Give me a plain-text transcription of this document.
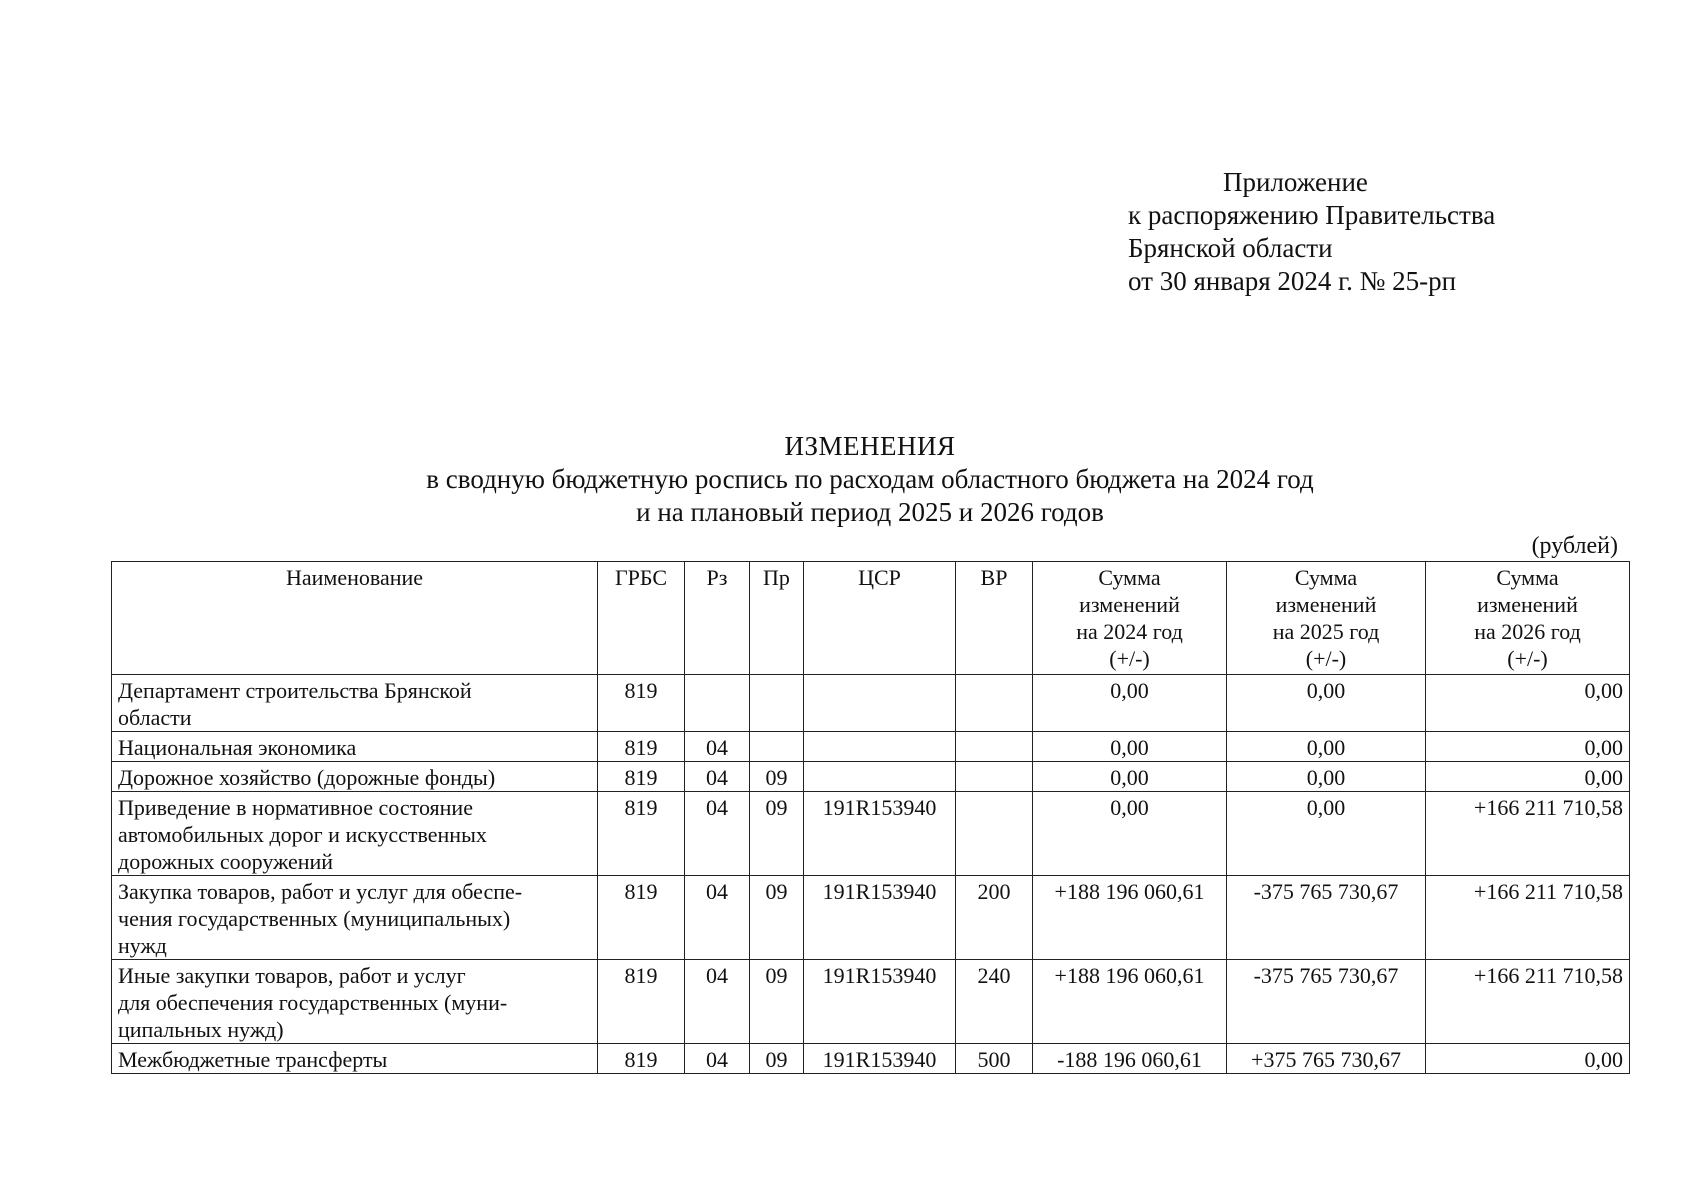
Приложение
к распоряжению Правительства
Брянской области
от 30 января 2024 г. № 25-рп
ИЗМЕНЕНИЯ
в сводную бюджетную роспись по расходам областного бюджета на 2024 год
и на плановый период 2025 и 2026 годов
(рублей)
Наименование	ГРБС	Рз	Пр	ЦСР	ВР	Сумма
изменений
на 2024 год
(+/-)	Сумма
изменений
на 2025 год
(+/-)	Сумма
изменений
на 2026 год
(+/-)

Департамент строительства Брянской
области	819					0,00	0,00	0,00

Национальная экономика	819	04				0,00	0,00	0,00

Дорожное хозяйство (дорожные фонды)	819	04	09			0,00	0,00	0,00

Приведение в нормативное состояние
автомобильных дорог и искусственных
дорожных сооружений	819	04	09	191R153940		0,00	0,00	+166 211 710,58

Закупка товаров, работ и услуг для обеспе-
чения государственных (муниципальных)
нужд	819	04	09	191R153940	200	+188 196 060,61	-375 765 730,67	+166 211 710,58

Иные закупки товаров, работ и услуг
для обеспечения государственных (муни-
ципальных нужд)	819	04	09	191R153940	240	+188 196 060,61	-375 765 730,67	+166 211 710,58

Межбюджетные трансферты	819	04	09	191R153940	500	-188 196 060,61	+375 765 730,67	0,00
